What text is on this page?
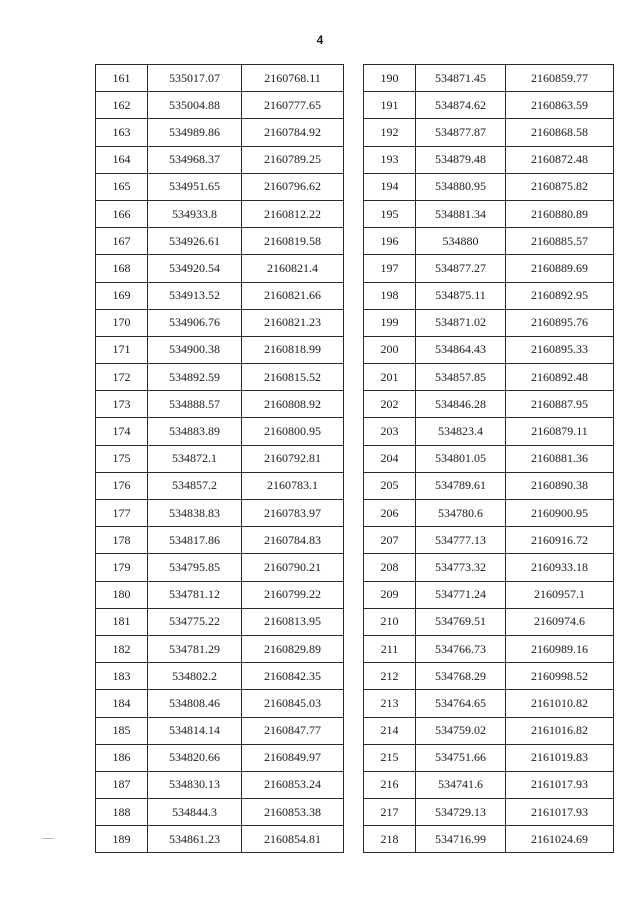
4
161	535017.07	2160768.11
162	535004.88	2160777.65
163	534989.86	2160784.92
164	534968.37	2160789.25
165	534951.65	2160796.62
166	534933.8	2160812.22
167	534926.61	2160819.58
168	534920.54	2160821.4
169	534913.52	2160821.66
170	534906.76	2160821.23
171	534900.38	2160818.99
172	534892.59	2160815.52
173	534888.57	2160808.92
174	534883.89	2160800.95
175	534872.1	2160792.81
176	534857.2	2160783.1
177	534838.83	2160783.97
178	534817.86	2160784.83
179	534795.85	2160790.21
180	534781.12	2160799.22
181	534775.22	2160813.95
182	534781.29	2160829.89
183	534802.2	2160842.35
184	534808.46	2160845.03
185	534814.14	2160847.77
186	534820.66	2160849.97
187	534830.13	2160853.24
188	534844.3	2160853.38
189	534861.23	2160854.81
190	534871.45	2160859.77
191	534874.62	2160863.59
192	534877.87	2160868.58
193	534879.48	2160872.48
194	534880.95	2160875.82
195	534881.34	2160880.89
196	534880	2160885.57
197	534877.27	2160889.69
198	534875.11	2160892.95
199	534871.02	2160895.76
200	534864.43	2160895.33
201	534857.85	2160892.48
202	534846.28	2160887.95
203	534823.4	2160879.11
204	534801.05	2160881.36
205	534789.61	2160890.38
206	534780.6	2160900.95
207	534777.13	2160916.72
208	534773.32	2160933.18
209	534771.24	2160957.1
210	534769.51	2160974.6
211	534766.73	2160989.16
212	534768.29	2160998.52
213	534764.65	2161010.82
214	534759.02	2161016.82
215	534751.66	2161019.83
216	534741.6	2161017.93
217	534729.13	2161017.93
218	534716.99	2161024.69
